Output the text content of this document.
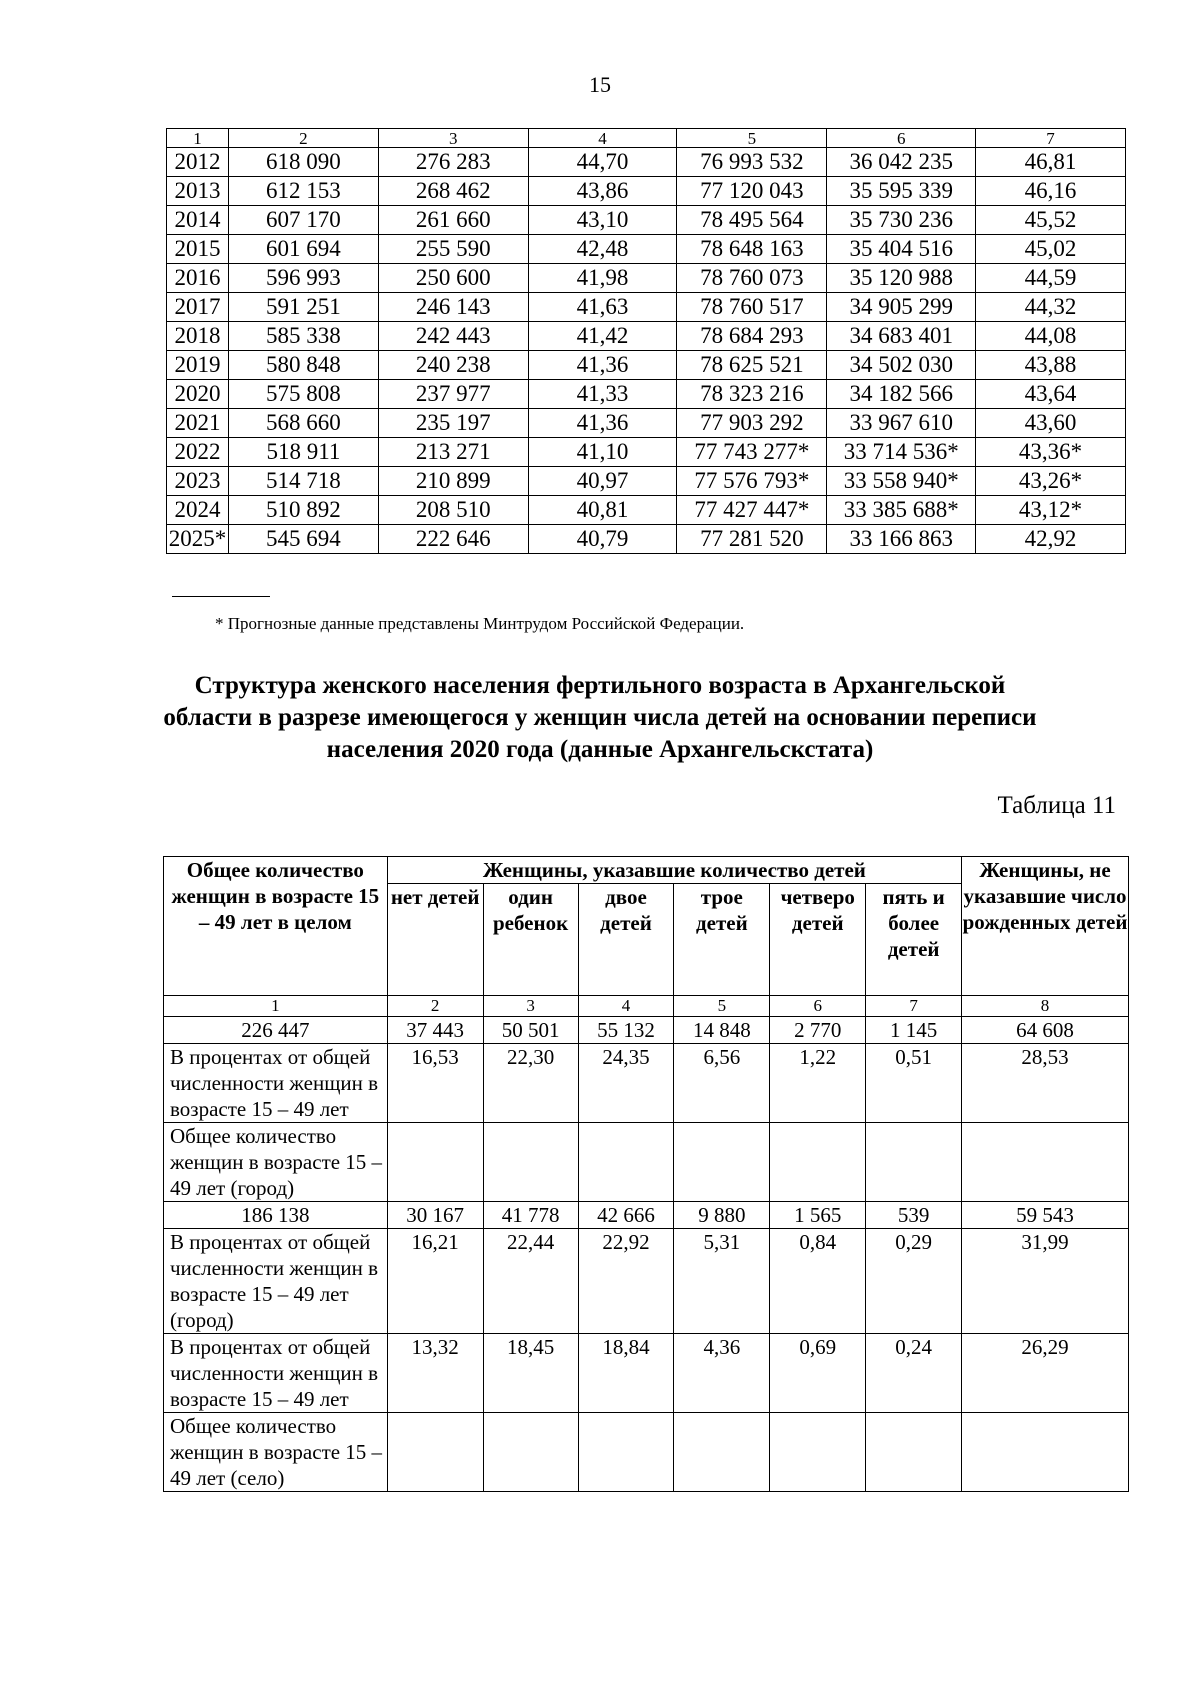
15
1	2	3	4	5	6	7
2012	618 090	276 283	44,70	76 993 532	36 042 235	46,81
2013	612 153	268 462	43,86	77 120 043	35 595 339	46,16
2014	607 170	261 660	43,10	78 495 564	35 730 236	45,52
2015	601 694	255 590	42,48	78 648 163	35 404 516	45,02
2016	596 993	250 600	41,98	78 760 073	35 120 988	44,59
2017	591 251	246 143	41,63	78 760 517	34 905 299	44,32
2018	585 338	242 443	41,42	78 684 293	34 683 401	44,08
2019	580 848	240 238	41,36	78 625 521	34 502 030	43,88
2020	575 808	237 977	41,33	78 323 216	34 182 566	43,64
2021	568 660	235 197	41,36	77 903 292	33 967 610	43,60
2022	518 911	213 271	41,10	77 743 277*	33 714 536*	43,36*
2023	514 718	210 899	40,97	77 576 793*	33 558 940*	43,26*
2024	510 892	208 510	40,81	77 427 447*	33 385 688*	43,12*
2025*	545 694	222 646	40,79	77 281 520	33 166 863	42,92
* Прогнозные данные представлены Минтрудом Российской Федерации.
Структура женского населения фертильного возраста в Архангельской области в разрезе имеющегося у женщин числа детей на основании переписи населения 2020 года (данные Архангельскстата)
Таблица 11
Общее количество женщин в возрасте 15 – 49 лет в целом	Женщины, указавшие количество детей						Женщины, не указавшие число рожденных детей
	нет детей	один ребенок	двое детей	трое детей	четверо детей	пять и более детей	
1	2	3	4	5	6	7	8
226 447	37 443	50 501	55 132	14 848	2 770	1 145	64 608
В процентах от общей численности женщин в возрасте 15 – 49 лет	16,53	22,30	24,35	6,56	1,22	0,51	28,53
Общее количество женщин в возрасте 15 – 49 лет (город)							
186 138	30 167	41 778	42 666	9 880	1 565	539	59 543
В процентах от общей численности женщин в возрасте 15 – 49 лет (город)	16,21	22,44	22,92	5,31	0,84	0,29	31,99
В процентах от общей численности женщин в возрасте 15 – 49 лет	13,32	18,45	18,84	4,36	0,69	0,24	26,29
Общее количество женщин в возрасте 15 – 49 лет (село)							
